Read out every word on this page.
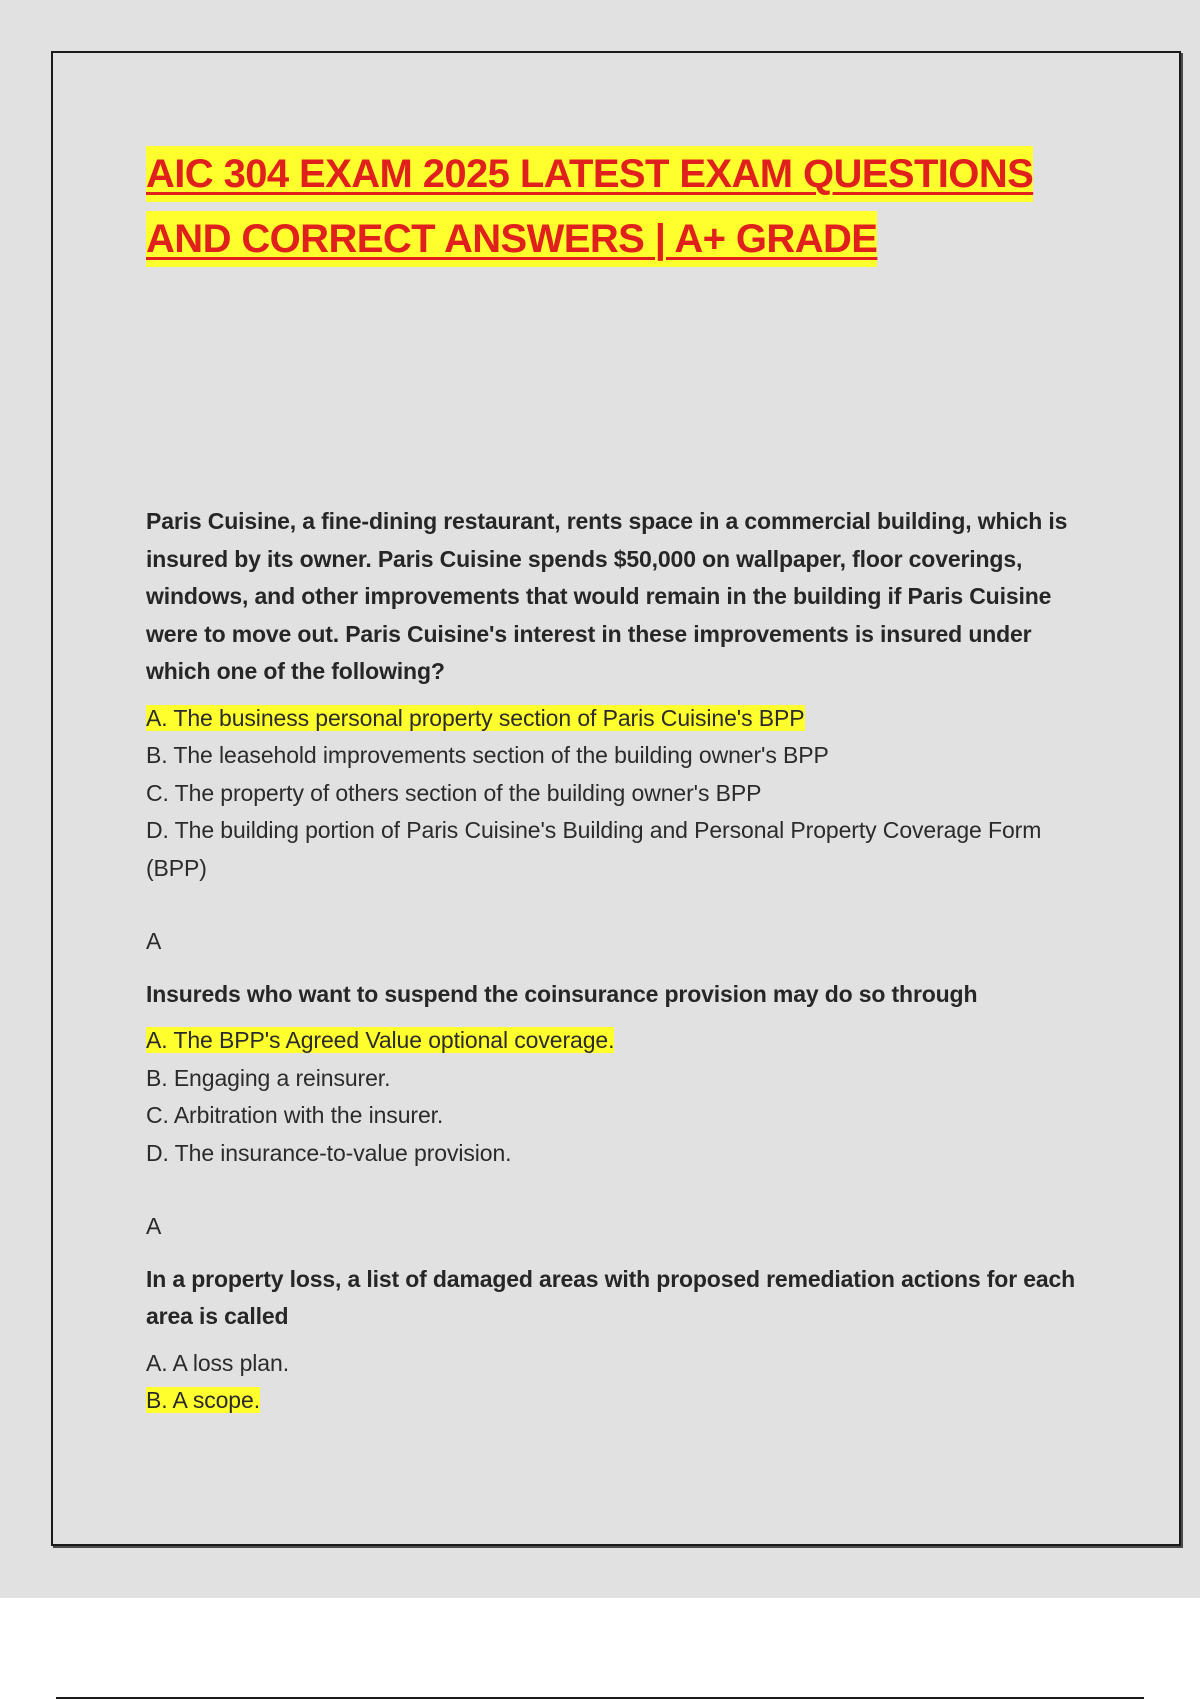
AIC 304 EXAM 2025 LATEST EXAM QUESTIONS
AND CORRECT ANSWERS | A+ GRADE

Paris Cuisine, a fine-dining restaurant, rents space in a commercial building, which is insured by its owner. Paris Cuisine spends $50,000 on wallpaper, floor coverings, windows, and other improvements that would remain in the building if Paris Cuisine were to move out. Paris Cuisine's interest in these improvements is insured under which one of the following?

A. The business personal property section of Paris Cuisine's BPP
B. The leasehold improvements section of the building owner's BPP
C. The property of others section of the building owner's BPP
D. The building portion of Paris Cuisine's Building and Personal Property Coverage Form (BPP)
A

Insureds who want to suspend the coinsurance provision may do so through

A. The BPP's Agreed Value optional coverage.
B. Engaging a reinsurer.
C. Arbitration with the insurer.
D. The insurance-to-value provision.
A

In a property loss, a list of damaged areas with proposed remediation actions for each area is called

A. A loss plan.
B. A scope.
